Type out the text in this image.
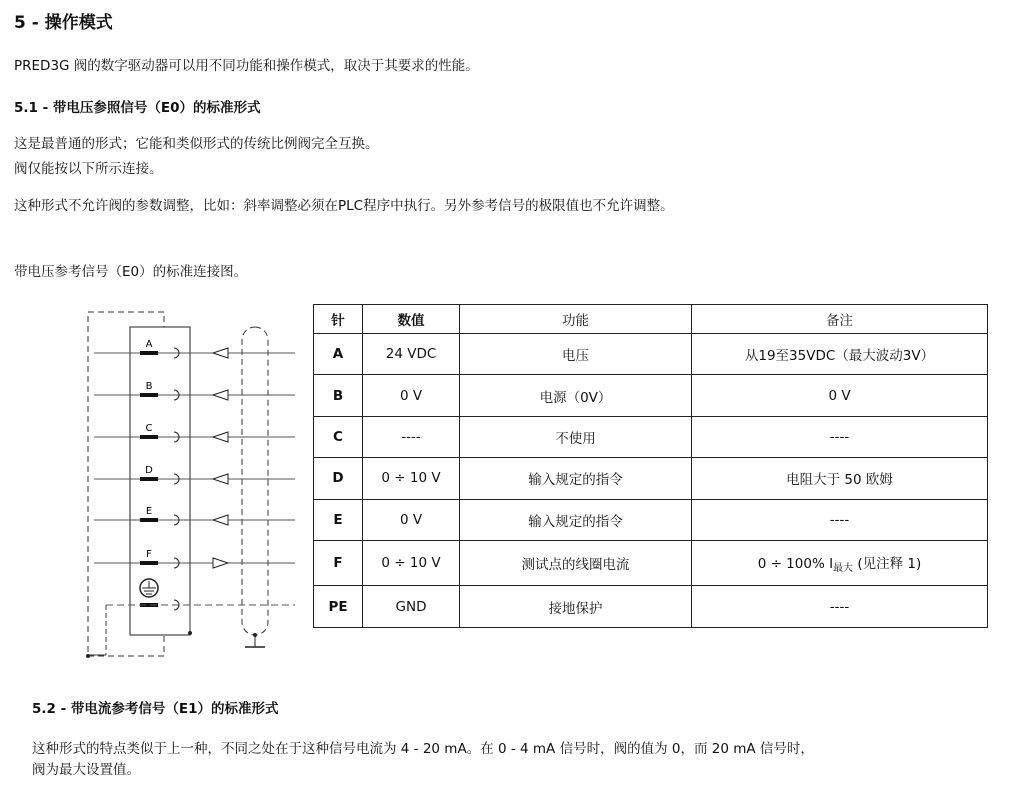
5 - 操作模式
PRED3G 阀的数字驱动器可以用不同功能和操作模式，取决于其要求的性能。
5.1 - 带电压参照信号（E0）的标准形式
这是最普通的形式；它能和类似形式的传统比例阀完全互换。
阀仅能按以下所示连接。
这种形式不允许阀的参数调整，比如：斜率调整必须在PLC程序中执行。另外参考信号的极限值也不允许调整。
带电压参考信号（E0）的标准连接图。
A
B
C
D
E
F
针	数值	功能	备注
A	24 VDC	电压	从19至35VDC（最大波动3V）
B	0 V	电源（0V）	0 V
C	----	不使用	----
D	0 ÷ 10 V	输入规定的指令	电阻大于 50 欧姆
E	0 V	输入规定的指令	----
F	0 ÷ 10 V	测试点的线圈电流	0 ÷ 100% $I_{最大}$ (见注释 1)
PE	GND	接地保护	----
5.2 - 带电流参考信号（E1）的标准形式
这种形式的特点类似于上一种，不同之处在于这种信号电流为 4 - 20 mA。在 0 - 4 mA 信号时，阀的值为 0，而 20 mA 信号时，
阀为最大设置值。
